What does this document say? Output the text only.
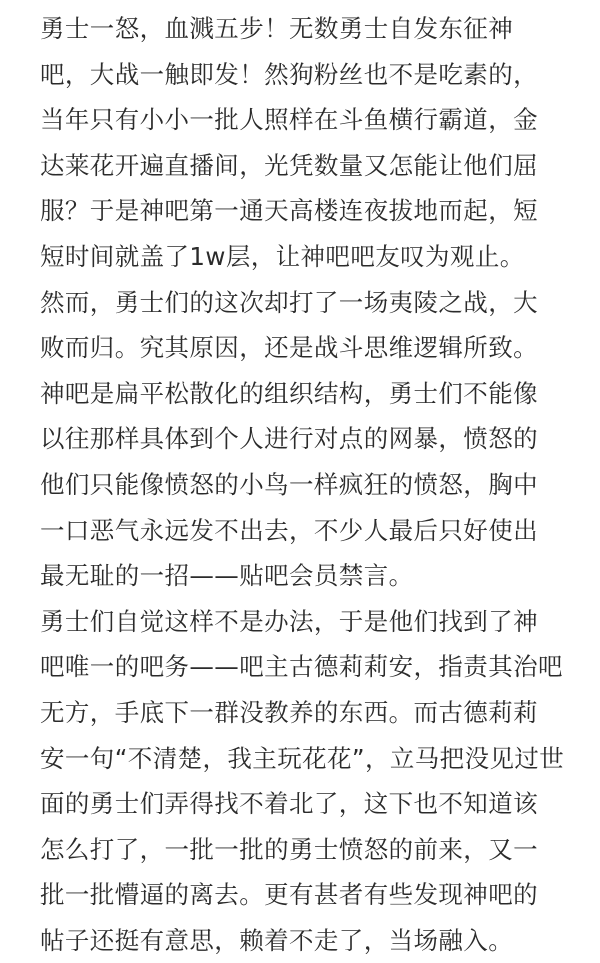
勇士一怒，血溅五步！无数勇士自发东征神
吧，大战一触即发！然狗粉丝也不是吃素的，
当年只有小小一批人照样在斗鱼横行霸道，金
达莱花开遍直播间，光凭数量又怎能让他们屈
服？于是神吧第一通天高楼连夜拔地而起，短
短时间就盖了1w层，让神吧吧友叹为观止。
然而，勇士们的这次却打了一场夷陵之战，大
败而归。究其原因，还是战斗思维逻辑所致。
神吧是扁平松散化的组织结构，勇士们不能像
以往那样具体到个人进行对点的网暴，愤怒的
他们只能像愤怒的小鸟一样疯狂的愤怒，胸中
一口恶气永远发不出去，不少人最后只好使出
最无耻的一招——贴吧会员禁言。
勇士们自觉这样不是办法，于是他们找到了神
吧唯一的吧务——吧主古德莉莉安，指责其治吧
无方，手底下一群没教养的东西。而古德莉莉
安一句“不清楚，我主玩花花”，立马把没见过世
面的勇士们弄得找不着北了，这下也不知道该
怎么打了，一批一批的勇士愤怒的前来，又一
批一批懵逼的离去。更有甚者有些发现神吧的
帖子还挺有意思，赖着不走了，当场融入。
